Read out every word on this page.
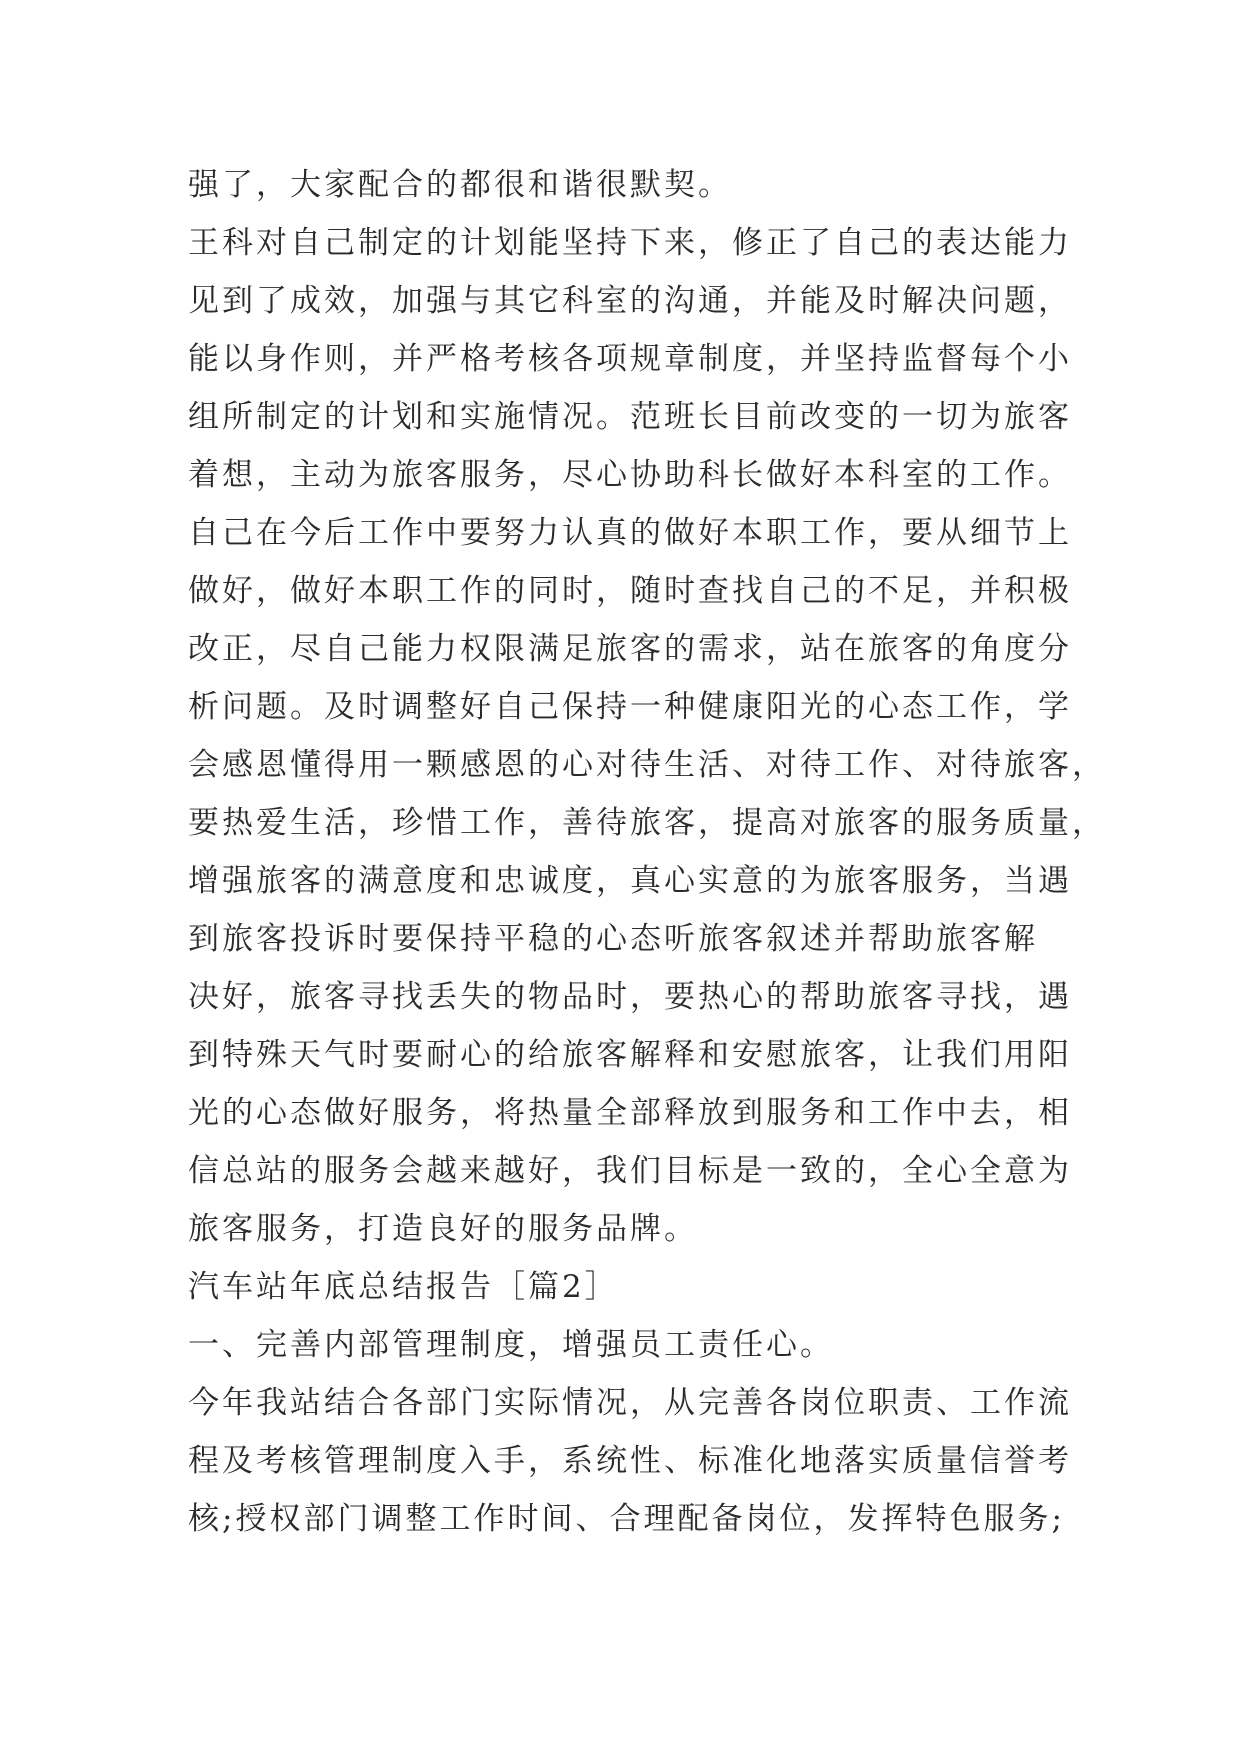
强了，大家配合的都很和谐很默契。
王科对自己制定的计划能坚持下来，修正了自己的表达能力
见到了成效，加强与其它科室的沟通，并能及时解决问题，
能以身作则，并严格考核各项规章制度，并坚持监督每个小
组所制定的计划和实施情况。范班长目前改变的一切为旅客
着想，主动为旅客服务，尽心协助科长做好本科室的工作。
自己在今后工作中要努力认真的做好本职工作，要从细节上
做好，做好本职工作的同时，随时查找自己的不足，并积极
改正，尽自己能力权限满足旅客的需求，站在旅客的角度分
析问题。及时调整好自己保持一种健康阳光的心态工作，学
会感恩懂得用一颗感恩的心对待生活、对待工作、对待旅客，
要热爱生活，珍惜工作，善待旅客，提高对旅客的服务质量，
增强旅客的满意度和忠诚度，真心实意的为旅客服务，当遇
到旅客投诉时要保持平稳的心态听旅客叙述并帮助旅客解
决好，旅客寻找丢失的物品时，要热心的帮助旅客寻找，遇
到特殊天气时要耐心的给旅客解释和安慰旅客，让我们用阳
光的心态做好服务，将热量全部释放到服务和工作中去，相
信总站的服务会越来越好，我们目标是一致的，全心全意为
旅客服务，打造良好的服务品牌。
汽车站年底总结报告［篇2］
一、完善内部管理制度，增强员工责任心。
今年我站结合各部门实际情况，从完善各岗位职责、工作流
程及考核管理制度入手，系统性、标准化地落实质量信誉考
核;授权部门调整工作时间、合理配备岗位，发挥特色服务;
